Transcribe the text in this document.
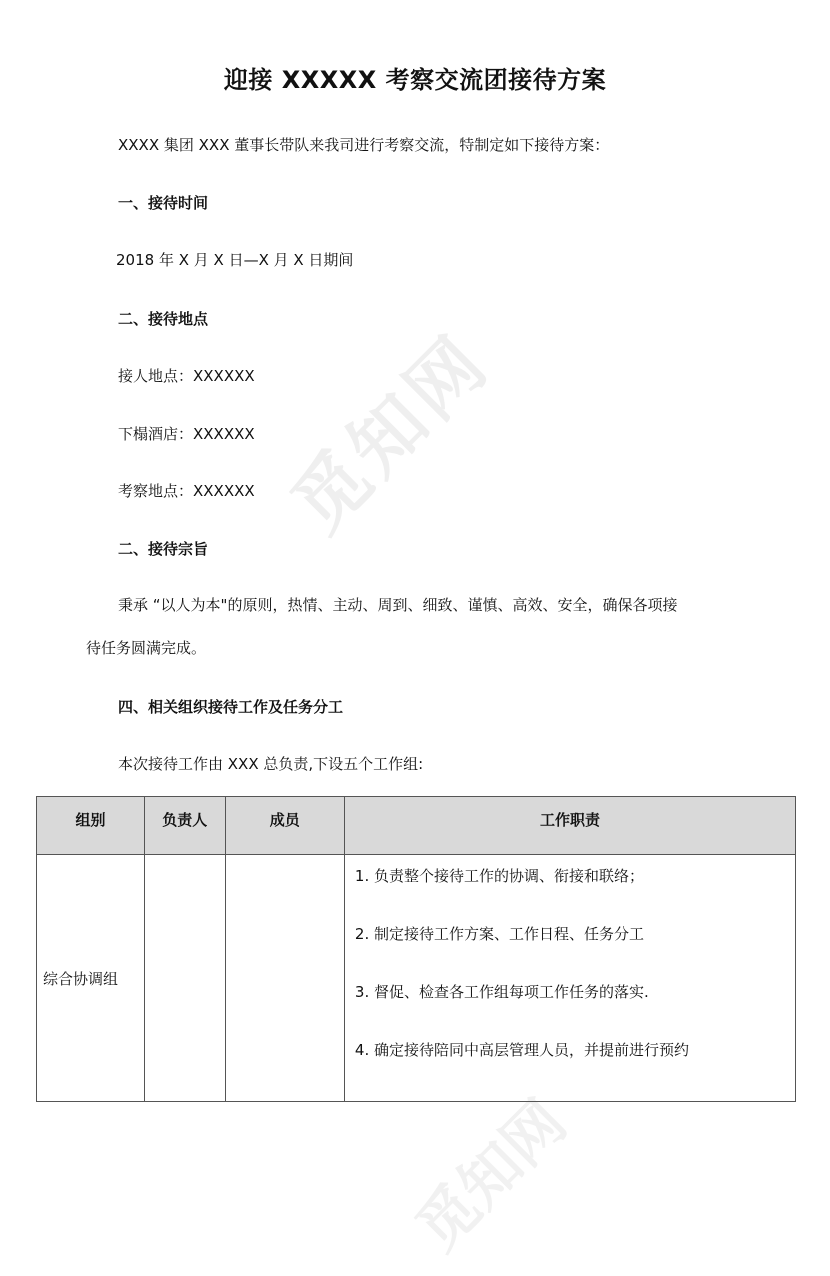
觅知网
觅知网
迎接 XXXXX 考察交流团接待方案
XXXX 集团 XXX 董事长带队来我司进行考察交流，特制定如下接待方案：
一、接待时间
2018 年 X 月 X 日—X 月 X 日期间
二、接待地点
接人地点：XXXXXX
下榻酒店：XXXXXX
考察地点：XXXXXX
二、接待宗旨
秉承 “以人为本"的原则，热情、主动、周到、细致、谨慎、高效、安全，确保各项接
待任务圆满完成。
四、相关组织接待工作及任务分工
本次接待工作由 XXX 总负责,下设五个工作组:
组别	负责人	成员	工作职责
综合协调组			1. 负责整个接待工作的协调、衔接和联络；
2. 制定接待工作方案、工作日程、任务分工
3. 督促、检查各工作组每项工作任务的落实.
4. 确定接待陪同中高层管理人员，并提前进行预约
